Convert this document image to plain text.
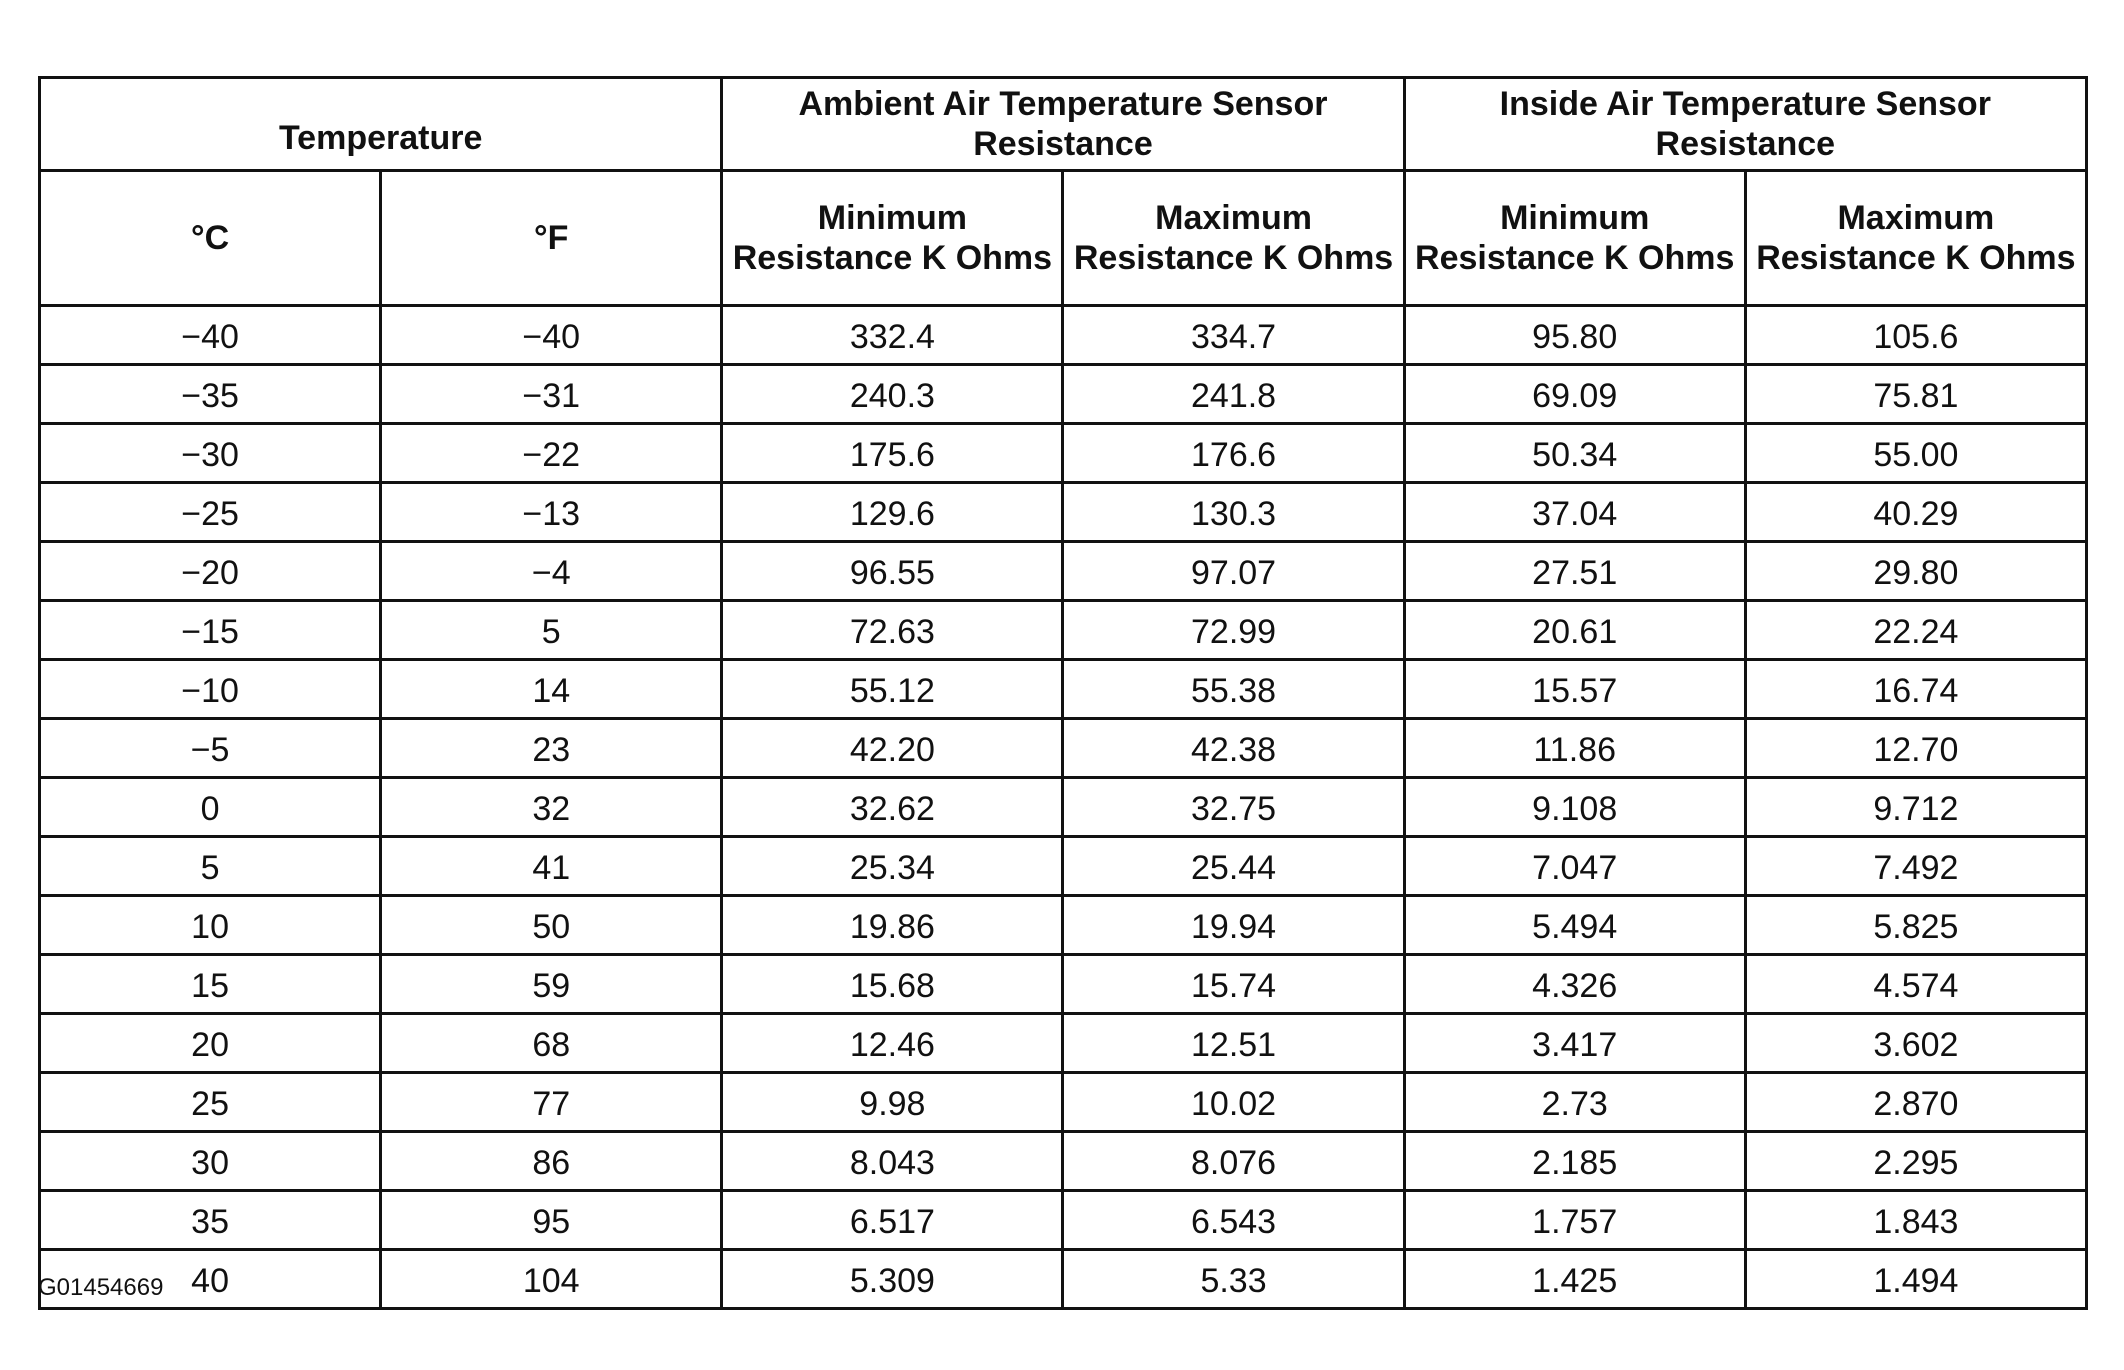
Temperature		Ambient Air Temperature Sensor Resistance		Inside Air Temperature Sensor Resistance	
°C	°F	Minimum Resistance K Ohms	Maximum Resistance K Ohms	Minimum Resistance K Ohms	Maximum Resistance K Ohms
−40	−40	332.4	334.7	95.80	105.6
−35	−31	240.3	241.8	69.09	75.81
−30	−22	175.6	176.6	50.34	55.00
−25	−13	129.6	130.3	37.04	40.29
−20	−4	96.55	97.07	27.51	29.80
−15	5	72.63	72.99	20.61	22.24
−10	14	55.12	55.38	15.57	16.74
−5	23	42.20	42.38	11.86	12.70
0	32	32.62	32.75	9.108	9.712
5	41	25.34	25.44	7.047	7.492
10	50	19.86	19.94	5.494	5.825
15	59	15.68	15.74	4.326	4.574
20	68	12.46	12.51	3.417	3.602
25	77	9.98	10.02	2.73	2.870
30	86	8.043	8.076	2.185	2.295
35	95	6.517	6.543	1.757	1.843
40	104	5.309	5.33	1.425	1.494
G01454669
